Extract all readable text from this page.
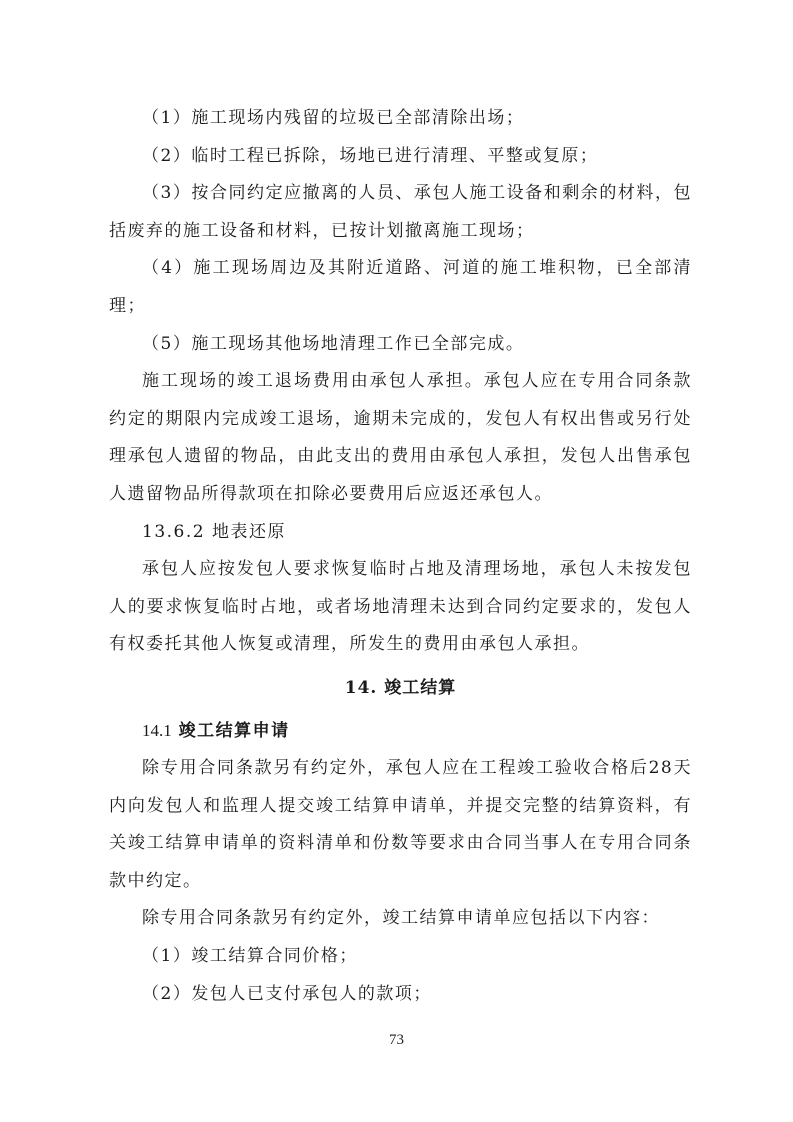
（1）施工现场内残留的垃圾已全部清除出场；

（2）临时工程已拆除，场地已进行清理、平整或复原；

（3）按合同约定应撤离的人员、承包人施工设备和剩余的材料，包括废弃的施工设备和材料，已按计划撤离施工现场；

（4）施工现场周边及其附近道路、河道的施工堆积物，已全部清理；

（5）施工现场其他场地清理工作已全部完成。

施工现场的竣工退场费用由承包人承担。承包人应在专用合同条款约定的期限内完成竣工退场，逾期未完成的，发包人有权出售或另行处理承包人遗留的物品，由此支出的费用由承包人承担，发包人出售承包人遗留物品所得款项在扣除必要费用后应返还承包人。

13.6.2 地表还原

承包人应按发包人要求恢复临时占地及清理场地，承包人未按发包人的要求恢复临时占地，或者场地清理未达到合同约定要求的，发包人有权委托其他人恢复或清理，所发生的费用由承包人承担。

14. 竣工结算

14.1 竣工结算申请

除专用合同条款另有约定外，承包人应在工程竣工验收合格后28天内向发包人和监理人提交竣工结算申请单，并提交完整的结算资料，有关竣工结算申请单的资料清单和份数等要求由合同当事人在专用合同条款中约定。

除专用合同条款另有约定外，竣工结算申请单应包括以下内容：

（1）竣工结算合同价格；

（2）发包人已支付承包人的款项；

73
